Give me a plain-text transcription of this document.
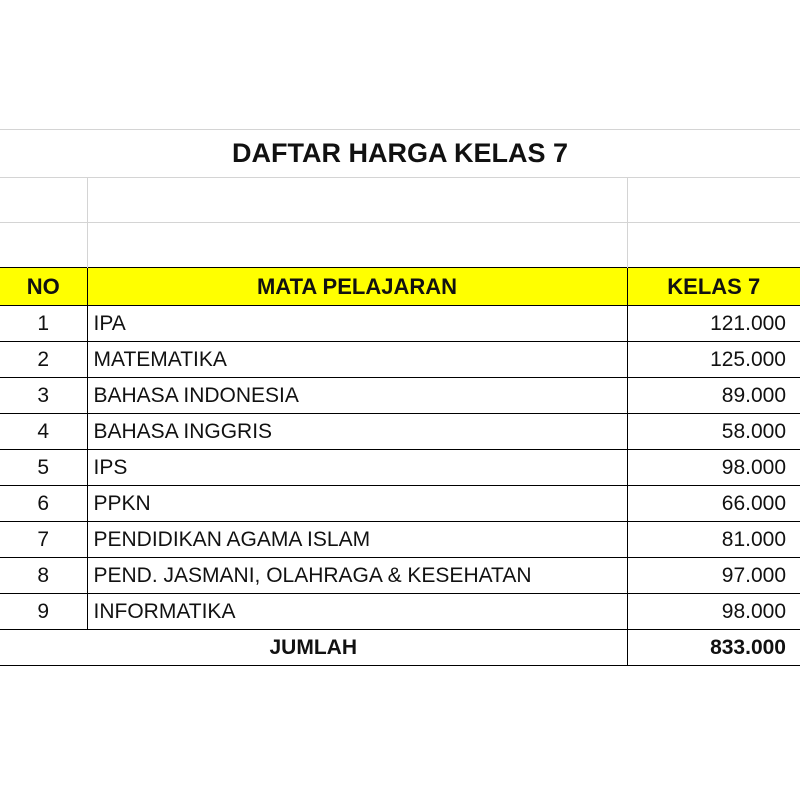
DAFTAR HARGA KELAS 7		

NO	MATA PELAJARAN	KELAS 7
1	IPA	121.000
2	MATEMATIKA	125.000
3	BAHASA INDONESIA	89.000
4	BAHASA INGGRIS	58.000
5	IPS	98.000
6	PPKN	66.000
7	PENDIDIKAN AGAMA ISLAM	81.000
8	PEND. JASMANI, OLAHRAGA & KESEHATAN	97.000
9	INFORMATIKA	98.000
JUMLAH		833.000
